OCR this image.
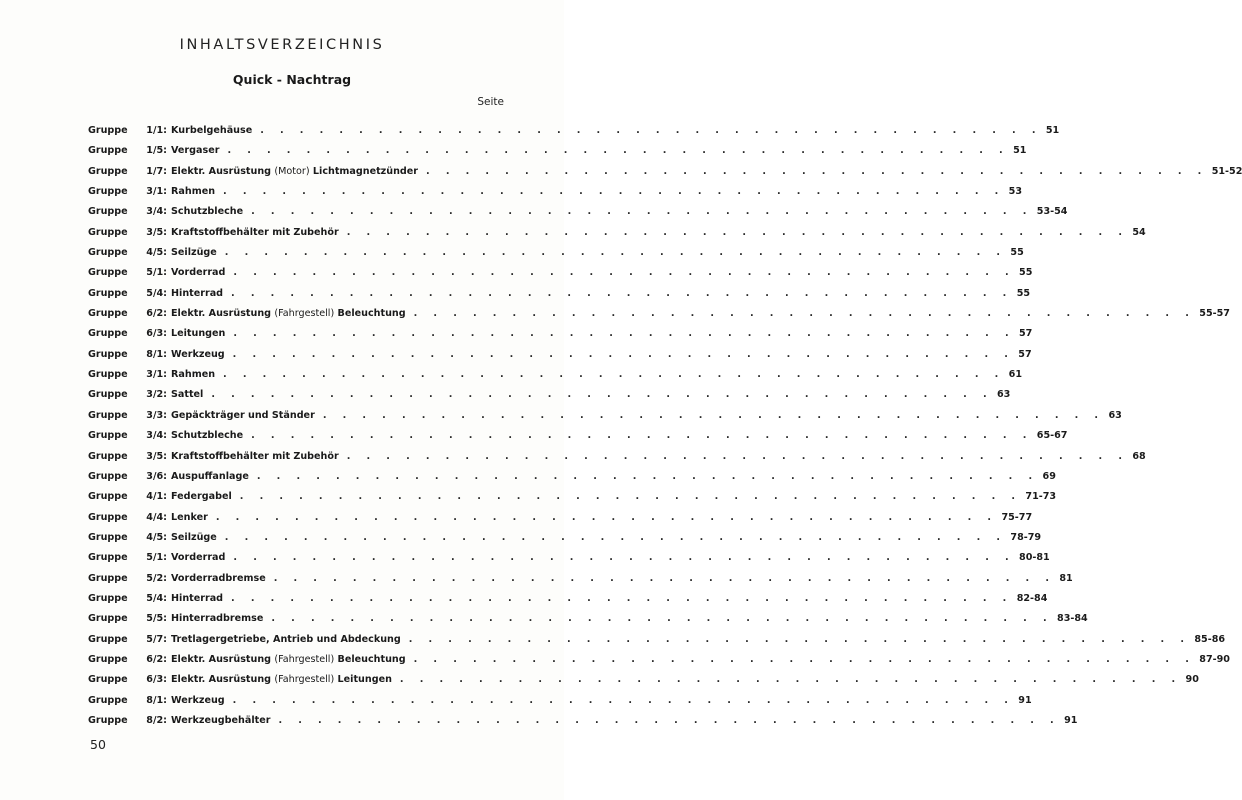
INHALTSVERZEICHNIS
Quick - Nachtrag
Seite
Gruppe	1/1: Kurbelgehäuse . . . . . . . . . . . . . . . . . . . . . . . . . . . . . . . . . . . . . . . . 51
Gruppe	1/5: Vergaser . . . . . . . . . . . . . . . . . . . . . . . . . . . . . . . . . . . . . . . . 51
Gruppe	1/7: Elektr. Ausrüstung (Motor) Lichtmagnetzünder . . . . . . . . . . . . . . . . . . . . . . . . . . . . . . . . . . . . . . . . 51-52
Gruppe	3/1: Rahmen . . . . . . . . . . . . . . . . . . . . . . . . . . . . . . . . . . . . . . . . 53
Gruppe	3/4: Schutzbleche . . . . . . . . . . . . . . . . . . . . . . . . . . . . . . . . . . . . . . . . 53-54
Gruppe	3/5: Kraftstoffbehälter mit Zubehör . . . . . . . . . . . . . . . . . . . . . . . . . . . . . . . . . . . . . . . . 54
Gruppe	4/5: Seilzüge . . . . . . . . . . . . . . . . . . . . . . . . . . . . . . . . . . . . . . . . 55
Gruppe	5/1: Vorderrad . . . . . . . . . . . . . . . . . . . . . . . . . . . . . . . . . . . . . . . . 55
Gruppe	5/4: Hinterrad . . . . . . . . . . . . . . . . . . . . . . . . . . . . . . . . . . . . . . . . 55
Gruppe	6/2: Elektr. Ausrüstung (Fahrgestell) Beleuchtung . . . . . . . . . . . . . . . . . . . . . . . . . . . . . . . . . . . . . . . . 55-57
Gruppe	6/3: Leitungen . . . . . . . . . . . . . . . . . . . . . . . . . . . . . . . . . . . . . . . . 57
Gruppe	8/1: Werkzeug . . . . . . . . . . . . . . . . . . . . . . . . . . . . . . . . . . . . . . . . 57
Gruppe	3/1: Rahmen . . . . . . . . . . . . . . . . . . . . . . . . . . . . . . . . . . . . . . . . 61
Gruppe	3/2: Sattel . . . . . . . . . . . . . . . . . . . . . . . . . . . . . . . . . . . . . . . . 63
Gruppe	3/3: Gepäckträger und Ständer . . . . . . . . . . . . . . . . . . . . . . . . . . . . . . . . . . . . . . . . 63
Gruppe	3/4: Schutzbleche . . . . . . . . . . . . . . . . . . . . . . . . . . . . . . . . . . . . . . . . 65-67
Gruppe	3/5: Kraftstoffbehälter mit Zubehör . . . . . . . . . . . . . . . . . . . . . . . . . . . . . . . . . . . . . . . . 68
Gruppe	3/6: Auspuffanlage . . . . . . . . . . . . . . . . . . . . . . . . . . . . . . . . . . . . . . . . 69
Gruppe	4/1: Federgabel . . . . . . . . . . . . . . . . . . . . . . . . . . . . . . . . . . . . . . . . 71-73
Gruppe	4/4: Lenker . . . . . . . . . . . . . . . . . . . . . . . . . . . . . . . . . . . . . . . . 75-77
Gruppe	4/5: Seilzüge . . . . . . . . . . . . . . . . . . . . . . . . . . . . . . . . . . . . . . . . 78-79
Gruppe	5/1: Vorderrad . . . . . . . . . . . . . . . . . . . . . . . . . . . . . . . . . . . . . . . . 80-81
Gruppe	5/2: Vorderradbremse . . . . . . . . . . . . . . . . . . . . . . . . . . . . . . . . . . . . . . . . 81
Gruppe	5/4: Hinterrad . . . . . . . . . . . . . . . . . . . . . . . . . . . . . . . . . . . . . . . . 82-84
Gruppe	5/5: Hinterradbremse . . . . . . . . . . . . . . . . . . . . . . . . . . . . . . . . . . . . . . . . 83-84
Gruppe	5/7: Tretlagergetriebe, Antrieb und Abdeckung . . . . . . . . . . . . . . . . . . . . . . . . . . . . . . . . . . . . . . . . 85-86
Gruppe	6/2: Elektr. Ausrüstung (Fahrgestell) Beleuchtung . . . . . . . . . . . . . . . . . . . . . . . . . . . . . . . . . . . . . . . . 87-90
Gruppe	6/3: Elektr. Ausrüstung (Fahrgestell) Leitungen . . . . . . . . . . . . . . . . . . . . . . . . . . . . . . . . . . . . . . . . 90
Gruppe	8/1: Werkzeug . . . . . . . . . . . . . . . . . . . . . . . . . . . . . . . . . . . . . . . . 91
Gruppe	8/2: Werkzeugbehälter . . . . . . . . . . . . . . . . . . . . . . . . . . . . . . . . . . . . . . . . 91
50
